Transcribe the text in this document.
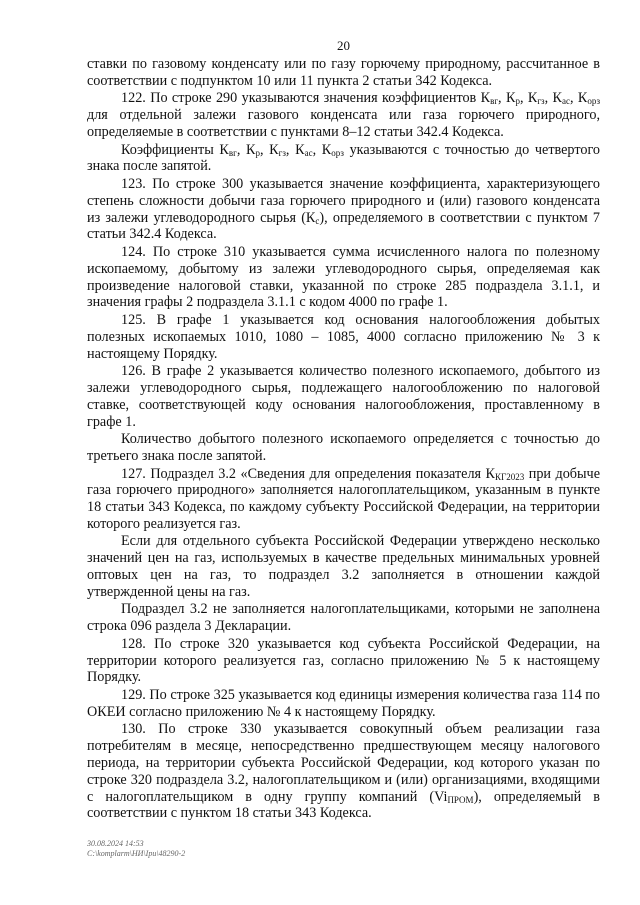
20

ставки по газовому конденсату или по газу горючему природному, рассчитанное в соответствии с подпунктом 10 или 11 пункта 2 статьи 342 Кодекса.

122. По строке 290 указываются значения коэффициентов $К_{вг}$, $К_р$, $К_{гз}$, $К_{ас}$, $К_{орз}$ для отдельной залежи газового конденсата или газа горючего природного, определяемые в соответствии с пунктами 8–12 статьи 342.4 Кодекса.

Коэффициенты $К_{вг}$, $К_р$, $К_{гз}$, $К_{ас}$, $К_{орз}$ указываются с точностью до четвертого знака после запятой.

123. По строке 300 указывается значение коэффициента, характеризующего степень сложности добычи газа горючего природного и (или) газового конденсата из залежи углеводородного сырья $(К_с)$, определяемого в соответствии с пунктом 7 статьи 342.4 Кодекса.

124. По строке 310 указывается сумма исчисленного налога по полезному ископаемому, добытому из залежи углеводородного сырья, определяемая как произведение налоговой ставки, указанной по строке 285 подраздела 3.1.1, и значения графы 2 подраздела 3.1.1 с кодом 4000 по графе 1.

125. В графе 1 указывается код основания налогообложения добытых полезных ископаемых 1010, 1080 – 1085, 4000 согласно приложению № 3 к настоящему Порядку.

126. В графе 2 указывается количество полезного ископаемого, добытого из залежи углеводородного сырья, подлежащего налогообложению по налоговой ставке, соответствующей коду основания налогообложения, проставленному в графе 1.

Количество добытого полезного ископаемого определяется с точностью до третьего знака после запятой.

127. Подраздел 3.2 «Сведения для определения показателя $К_{КГ2023}$ при добыче газа горючего природного» заполняется налогоплательщиком, указанным в пункте 18 статьи 343 Кодекса, по каждому субъекту Российской Федерации, на территории которого реализуется газ.

Если для отдельного субъекта Российской Федерации утверждено несколько значений цен на газ, используемых в качестве предельных минимальных уровней оптовых цен на газ, то подраздел 3.2 заполняется в отношении каждой утвержденной цены на газ.

Подраздел 3.2 не заполняется налогоплательщиками, которыми не заполнена строка 096 раздела 3 Декларации.

128. По строке 320 указывается код субъекта Российской Федерации, на территории которого реализуется газ, согласно приложению № 5 к настоящему Порядку.

129. По строке 325 указывается код единицы измерения количества газа 114 по ОКЕИ согласно приложению № 4 к настоящему Порядку.

130. По строке 330 указывается совокупный объем реализации газа потребителям в месяце, непосредственно предшествующем месяцу налогового периода, на территории субъекта Российской Федерации, код которого указан по строке 320 подраздела 3.2, налогоплательщиком и (или) организациями, входящими с налогоплательщиком в одну группу компаний $(Vi_{ПРОМ})$, определяемый в соответствии с пунктом 18 статьи 343 Кодекса.

30.08.2024 14:53
C:\komplarm\НИ\Ipu\48290-2
